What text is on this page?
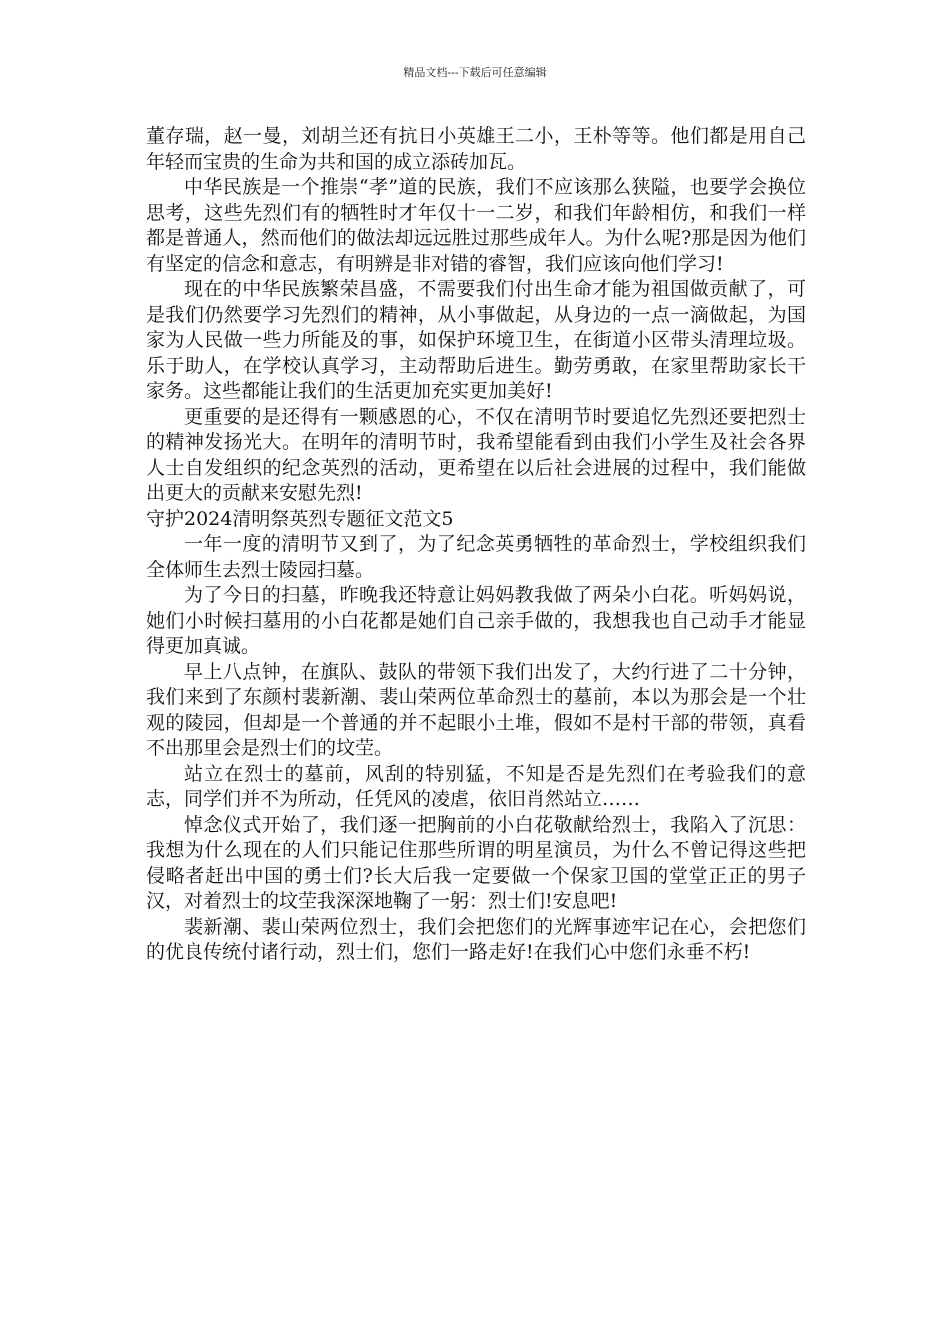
精品文档---下载后可任意编辑

董存瑞，赵一曼，刘胡兰还有抗日小英雄王二小，王朴等等。他们都是用自己年轻而宝贵的生命为共和国的成立添砖加瓦。

中华民族是一个推崇“孝”道的民族，我们不应该那么狭隘，也要学会换位思考，这些先烈们有的牺牲时才年仅十一二岁，和我们年龄相仿，和我们一样都是普通人，然而他们的做法却远远胜过那些成年人。为什么呢?那是因为他们有坚定的信念和意志，有明辨是非对错的睿智，我们应该向他们学习!

现在的中华民族繁荣昌盛，不需要我们付出生命才能为祖国做贡献了，可是我们仍然要学习先烈们的精神，从小事做起，从身边的一点一滴做起，为国家为人民做一些力所能及的事，如保护环境卫生，在街道小区带头清理垃圾。乐于助人，在学校认真学习，主动帮助后进生。勤劳勇敢，在家里帮助家长干家务。这些都能让我们的生活更加充实更加美好!

更重要的是还得有一颗感恩的心，不仅在清明节时要追忆先烈还要把烈士的精神发扬光大。在明年的清明节时，我希望能看到由我们小学生及社会各界人士自发组织的纪念英烈的活动，更希望在以后社会进展的过程中，我们能做出更大的贡献来安慰先烈!

守护2024清明祭英烈专题征文范文5

一年一度的清明节又到了，为了纪念英勇牺牲的革命烈士，学校组织我们全体师生去烈士陵园扫墓。

为了今日的扫墓，昨晚我还特意让妈妈教我做了两朵小白花。听妈妈说，她们小时候扫墓用的小白花都是她们自己亲手做的，我想我也自己动手才能显得更加真诚。

早上八点钟，在旗队、鼓队的带领下我们出发了，大约行进了二十分钟，我们来到了东颜村裴新潮、裴山荣两位革命烈士的墓前，本以为那会是一个壮观的陵园，但却是一个普通的并不起眼小土堆，假如不是村干部的带领，真看不出那里会是烈士们的坟茔。

站立在烈士的墓前，风刮的特别猛，不知是否是先烈们在考验我们的意志，同学们并不为所动，任凭风的凌虐，依旧肖然站立……

悼念仪式开始了，我们逐一把胸前的小白花敬献给烈士，我陷入了沉思：我想为什么现在的人们只能记住那些所谓的明星演员，为什么不曾记得这些把侵略者赶出中国的勇士们?长大后我一定要做一个保家卫国的堂堂正正的男子汉，对着烈士的坟茔我深深地鞠了一躬：烈士们!安息吧!

裴新潮、裴山荣两位烈士，我们会把您们的光辉事迹牢记在心，会把您们的优良传统付诸行动，烈士们，您们一路走好!在我们心中您们永垂不朽!
